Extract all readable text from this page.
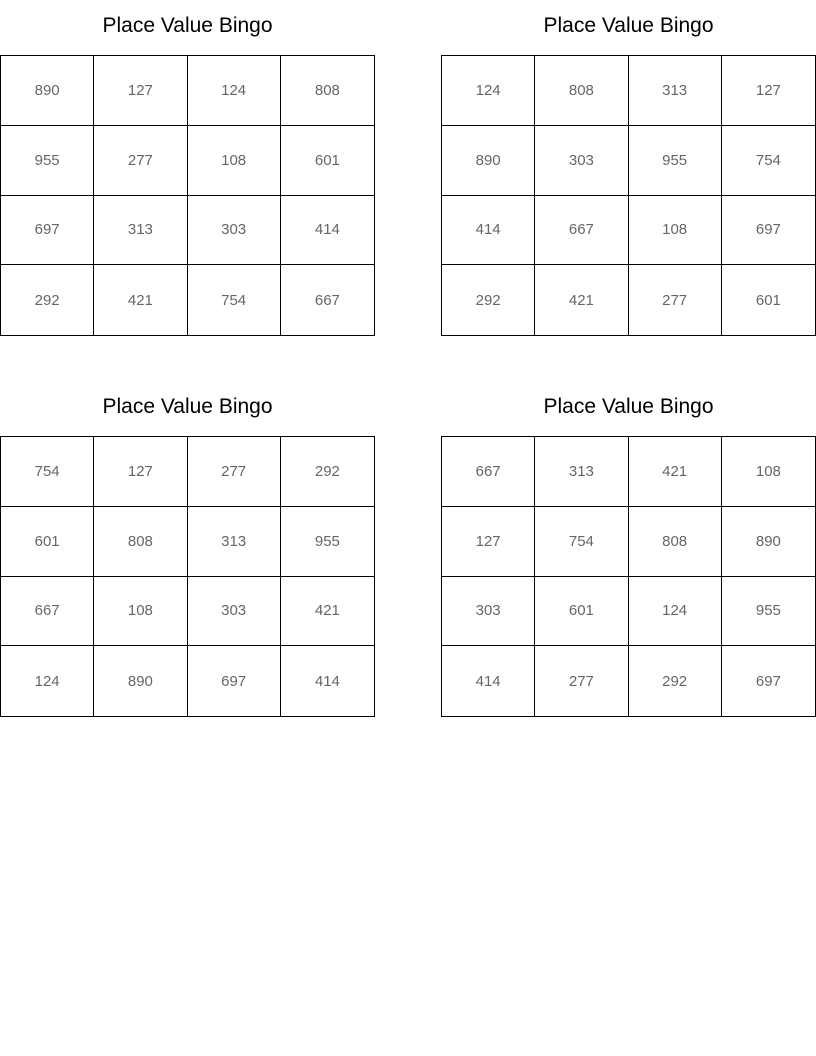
Place Value Bingo
890	127	124	808
955	277	108	601
697	313	303	414
292	421	754	667
Place Value Bingo
124	808	313	127
890	303	955	754
414	667	108	697
292	421	277	601
Place Value Bingo
754	127	277	292
601	808	313	955
667	108	303	421
124	890	697	414
Place Value Bingo
667	313	421	108
127	754	808	890
303	601	124	955
414	277	292	697
